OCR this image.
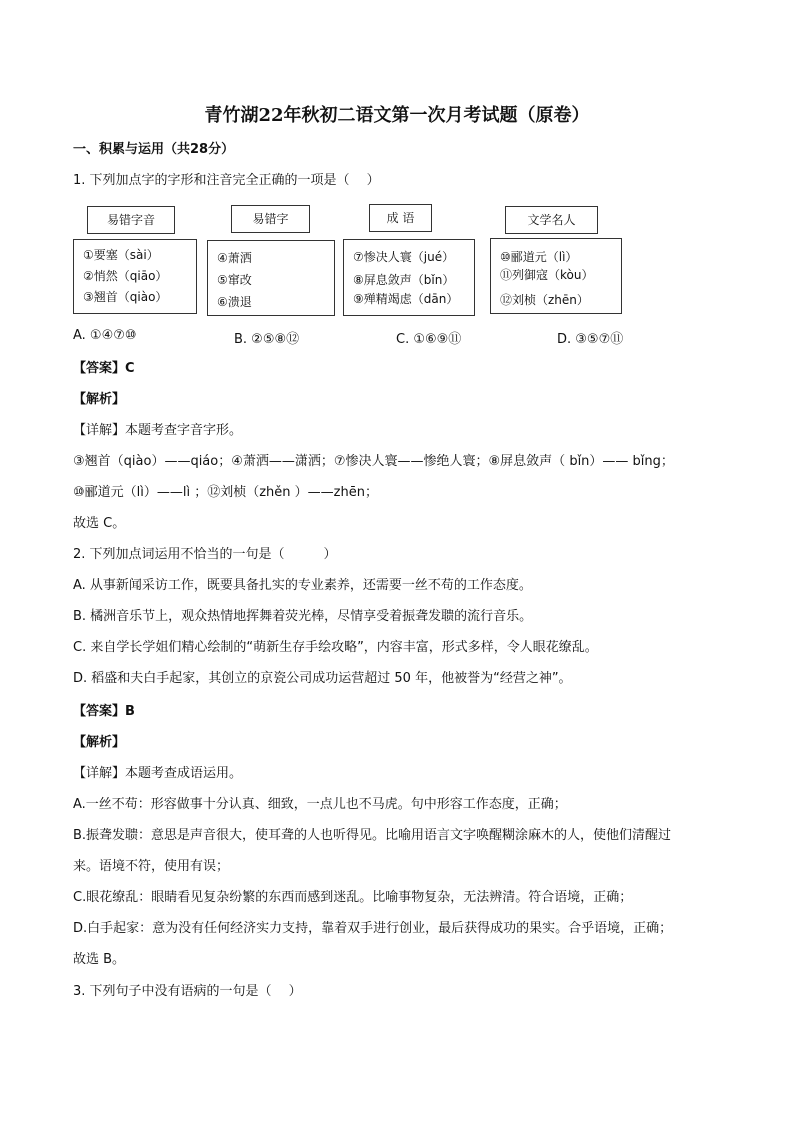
青竹湖22年秋初二语文第一次月考试题（原卷）
一、积累与运用（共28分）
1. 下列加点字的字形和注音完全正确的一项是（　 ）
易错字音
①要塞（sài）
②悄然（qiāo）
③翘首（qiào）
易错字
④萧洒
⑤窜改
⑥溃退
成 语
⑦惨决人寰（jué）
⑧屏息敛声（bǐn）
⑨殚精竭虑（dān）
文学名人
⑩郦道元（lì）
⑪列御寇（kòu）
⑫刘桢（zhēn）
A. ①④⑦⑩	B. ②⑤⑧⑫	C. ①⑥⑨⑪	D. ③⑤⑦⑪
【答案】C
【解析】
【详解】本题考查字音字形。
③翘首（qiào）——qiáo；④萧洒——潇洒；⑦惨决人寰——惨绝人寰；⑧屏息敛声（ bǐn）—— bǐng；
⑩郦道元（lì）——lì ；⑫刘桢（zhěn ）——zhēn；
故选 C。
2. 下列加点词运用不恰当的一句是（　　　）
A. 从事新闻采访工作，既要具备扎实的专业素养，还需要一丝不苟的工作态度。
B. 橘洲音乐节上，观众热情地挥舞着荧光棒，尽情享受着振聋发聩的流行音乐。
C. 来自学长学姐们精心绘制的“萌新生存手绘攻略”，内容丰富，形式多样，令人眼花缭乱。
D. 稻盛和夫白手起家，其创立的京瓷公司成功运营超过 50 年，他被誉为“经营之神”。
【答案】B
【解析】
【详解】本题考查成语运用。
A.一丝不苟：形容做事十分认真、细致，一点儿也不马虎。句中形容工作态度，正确；
B.振聋发聩：意思是声音很大，使耳聋的人也听得见。比喻用语言文字唤醒糊涂麻木的人，使他们清醒过
来。语境不符，使用有误；
C.眼花缭乱：眼睛看见复杂纷繁的东西而感到迷乱。比喻事物复杂，无法辨清。符合语境，正确；
D.白手起家：意为没有任何经济实力支持，靠着双手进行创业，最后获得成功的果实。合乎语境，正确；
故选 B。
3. 下列句子中没有语病的一句是（　 ）
